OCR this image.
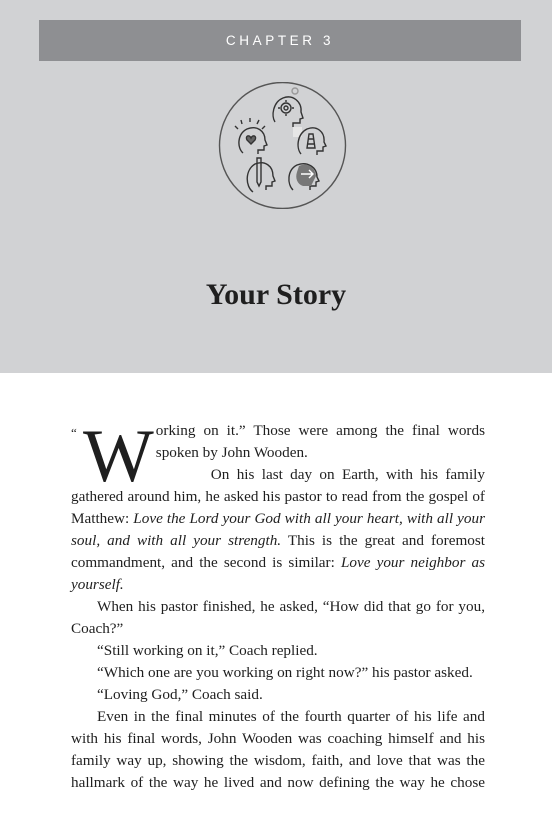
CHAPTER 3
Your Story
“ W orking on it.” Those were among the final words spoken by John Wooden.

On his last day on Earth, with his family gathered around him, he asked his pastor to read from the gospel of Matthew: Love the Lord your God with all your heart, with all your soul, and with all your strength. This is the great and foremost commandment, and the second is similar: Love your neighbor as yourself.

When his pastor finished, he asked, “How did that go for you, Coach?”

“Still working on it,” Coach replied.

“Which one are you working on right now?” his pastor asked.

“Loving God,” Coach said.

Even in the final minutes of the fourth quarter of his life and with his final words, John Wooden was coaching himself and his family way up, showing the wisdom, faith, and love that was the hallmark of the way he lived and now defining the way he chose
